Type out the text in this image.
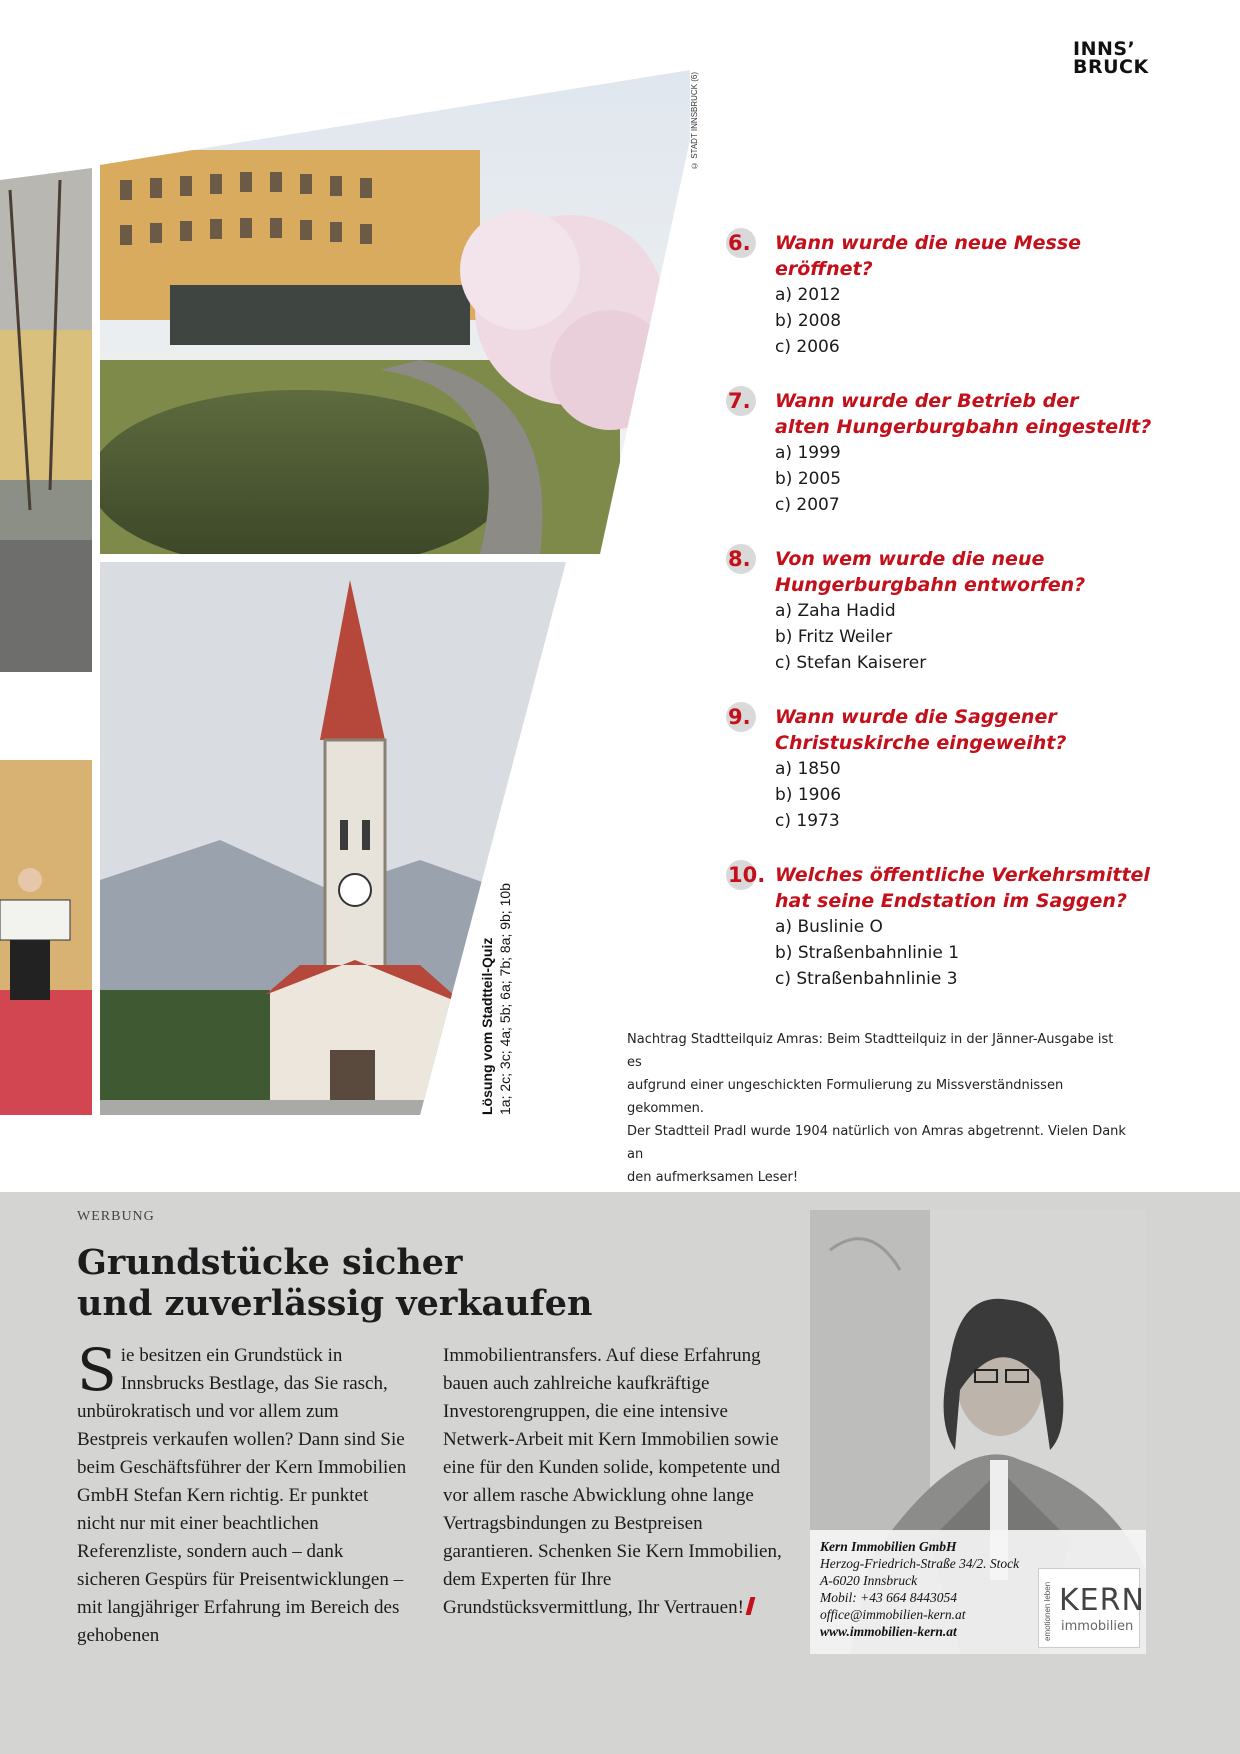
INNS’
BRUCK
© STADT INNSBRUCK (6)
Lösung vom Stadtteil-Quiz 1a; 2c; 3c; 4a; 5b; 6a; 7b; 8a; 9b; 10b
6. Wann wurde die neue Messe
eröffnet?
a) 2012
b) 2008
c) 2006
7. Wann wurde der Betrieb der
alten Hungerburgbahn eingestellt?
a) 1999
b) 2005
c) 2007
8. Von wem wurde die neue
Hungerburgbahn entworfen?
a) Zaha Hadid
b) Fritz Weiler
c) Stefan Kaiserer
9. Wann wurde die Saggener
Christuskirche eingeweiht?
a) 1850
b) 1906
c) 1973
10. Welches öffentliche Verkehrsmittel
hat seine Endstation im Saggen?
a) Buslinie O
b) Straßenbahnlinie 1
c) Straßenbahnlinie 3
Nachtrag Stadtteilquiz Amras: Beim Stadtteilquiz in der Jänner-Ausgabe ist es
aufgrund einer ungeschickten Formulierung zu Missverständnissen gekommen.
Der Stadtteil Pradl wurde 1904 natürlich von Amras abgetrennt. Vielen Dank an
den aufmerksamen Leser!
WERBUNG
Grundstücke sicher
und zuverlässig verkaufen
Sie besitzen ein Grundstück in Innsbrucks Bestlage, das Sie rasch, unbürokratisch und vor allem zum Bestpreis verkaufen wollen? Dann sind Sie beim Geschäftsführer der Kern Immobilien GmbH Stefan Kern richtig. Er punktet nicht nur mit einer beachtlichen Referenzliste, sondern auch – dank sicheren Gespürs für Preisentwicklungen – mit langjähriger Erfahrung im Bereich des gehobenen
Immobilientransfers. Auf diese Erfahrung bauen auch zahlreiche kaufkräftige Investorengruppen, die eine intensive Netwerk-Arbeit mit Kern Immobilien sowie eine für den Kunden solide, kompetente und vor allem rasche Abwicklung ohne lange Vertragsbindungen zu Bestpreisen garantieren. Schenken Sie Kern Immobilien, dem Experten für Ihre Grundstücksvermittlung, Ihr Vertrauen!
Kern Immobilien GmbH
Herzog-Friedrich-Straße 34/2. Stock
A-6020 Innsbruck
Mobil: +43 664 8443054
office@immobilien-kern.at
www.immobilien-kern.at	emotionen leben KERN
immobilien
